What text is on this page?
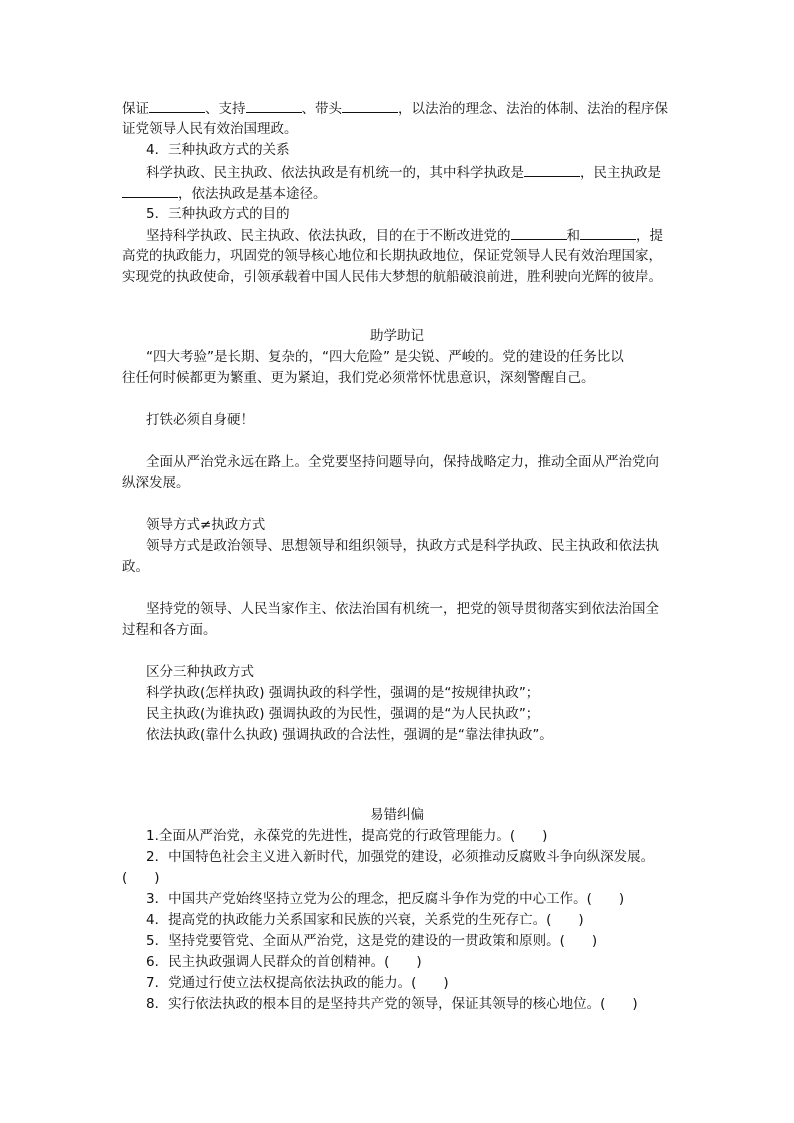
保证	、支持	、带头	，以法治的理念、法治的体制、法治的程序保
证党领导人民有效治国理政。
4．三种执政方式的关系
科学执政、民主执政、依法执政是有机统一的，其中科学执政是	，民主执政是
，依法执政是基本途径。
5．三种执政方式的目的
坚持科学执政、民主执政、依法执政，目的在于不断改进党的	和	，提
高党的执政能力，巩固党的领导核心地位和长期执政地位，保证党领导人民有效治理国家，
实现党的执政使命，引领承载着中国人民伟大梦想的航船破浪前进，胜利驶向光辉的彼岸。
助学助记
“四大考验”是长期、复杂的，“四大危险” 是尖锐、严峻的。党的建设的任务比以
往任何时候都更为繁重、更为紧迫，我们党必须常怀忧患意识，深刻警醒自己。
打铁必须自身硬！
全面从严治党永远在路上。全党要坚持问题导向，保持战略定力，推动全面从严治党向
纵深发展。
领导方式≠执政方式
领导方式是政治领导、思想领导和组织领导，执政方式是科学执政、民主执政和依法执
政。
坚持党的领导、人民当家作主、依法治国有机统一，把党的领导贯彻落实到依法治国全
过程和各方面。
区分三种执政方式
科学执政(怎样执政) 强调执政的科学性，强调的是“按规律执政”；
民主执政(为谁执政) 强调执政的为民性，强调的是“为人民执政”；
依法执政(靠什么执政) 强调执政的合法性，强调的是“靠法律执政”。
易错纠偏
1.全面从严治党，永葆党的先进性，提高党的行政管理能力。(　　)
2．中国特色社会主义进入新时代，加强党的建设，必须推动反腐败斗争向纵深发展。
(　　)
3．中国共产党始终坚持立党为公的理念，把反腐斗争作为党的中心工作。(　　)
4．提高党的执政能力关系国家和民族的兴衰，关系党的生死存亡。(　　)
5．坚持党要管党、全面从严治党，这是党的建设的一贯政策和原则。(　　)
6．民主执政强调人民群众的首创精神。(　　)
7．党通过行使立法权提高依法执政的能力。(　　)
8．实行依法执政的根本目的是坚持共产党的领导，保证其领导的核心地位。(　　)
